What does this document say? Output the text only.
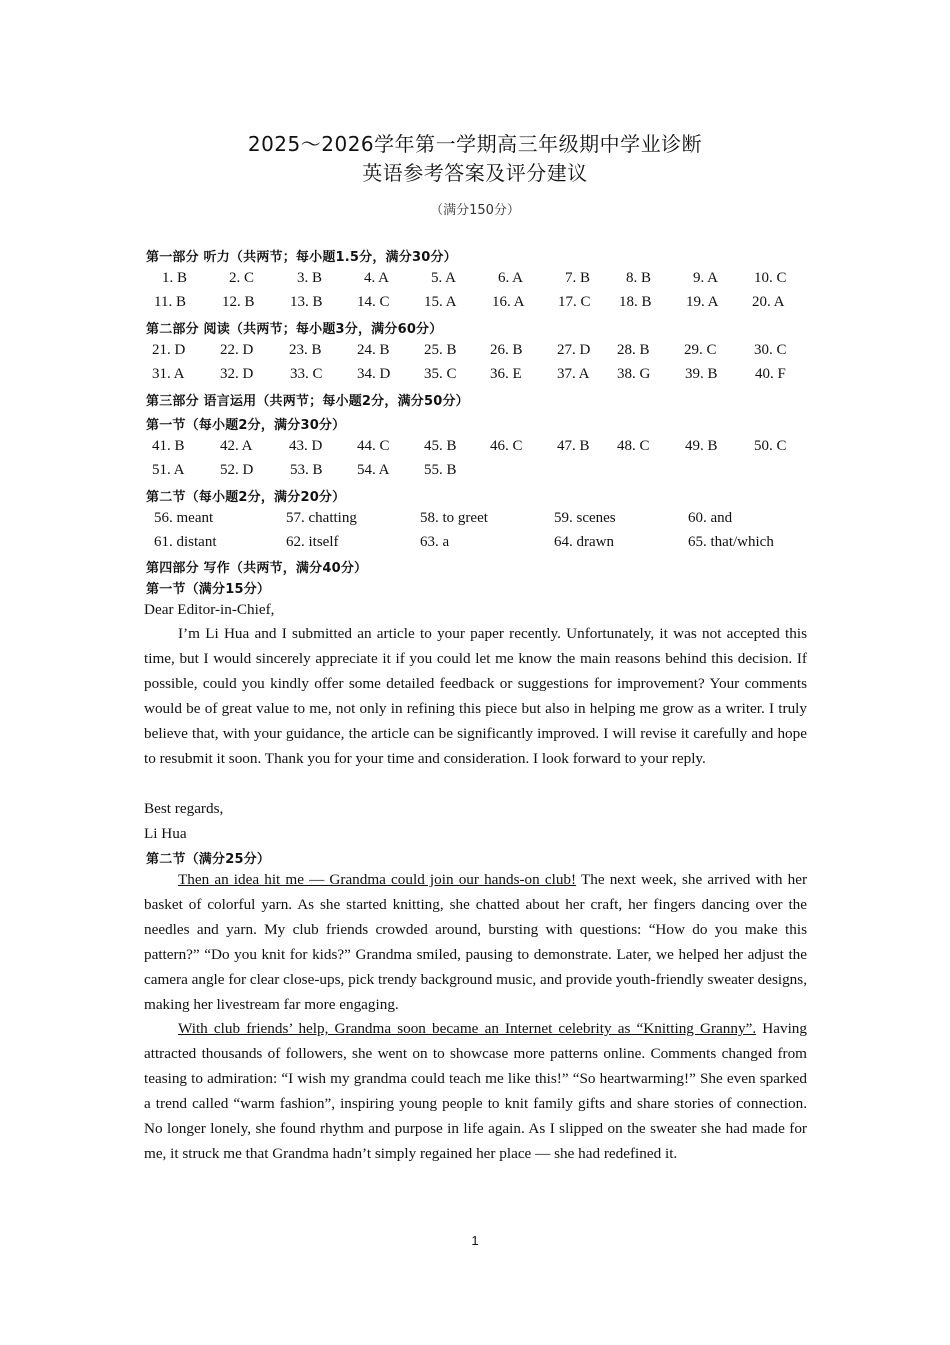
2025～2026学年第一学期高三年级期中学业诊断
英语参考答案及评分建议
（满分150分）
第一部分 听力（共两节；每小题1.5分，满分30分）
1. B	2. C	3. B	4. A	5. A	6. A	7. B 8. B	9. A 10. C
11. B 12. B 13. B 14. C 15. A 16. A 17. C 18. B 19. A 20. A
第二部分 阅读（共两节；每小题3分，满分60分）
21. D 22. D 23. B 24. B 25. B 26. B 27. D 28. B 29. C 30. C
31. A 32. D 33. C 34. D 35. C 36. E 37. A 38. G 39. B 40. F
第三部分 语言运用（共两节；每小题2分，满分50分）
第一节（每小题2分，满分30分）
41. B 42. A 43. D 44. C 45. B 46. C 47. B 48. C 49. B 50. C
51. A 52. D 53. B 54. A 55. B
第二节（每小题2分，满分20分）
56. meant	57. chatting	58. to greet	59. scenes	60. and
61. distant	62. itself	63. a	64. drawn	65. that/which
第四部分 写作（共两节，满分40分）
第一节（满分15分）
Dear Editor-in-Chief,

I’m Li Hua and I submitted an article to your paper recently. Unfortunately, it was not accepted this time, but I would sincerely appreciate it if you could let me know the main reasons behind this decision. If possible, could you kindly offer some detailed feedback or suggestions for improvement? Your comments would be of great value to me, not only in refining this piece but also in helping me grow as a writer. I truly believe that, with your guidance, the article can be significantly improved. I will revise it carefully and hope to resubmit it soon. Thank you for your time and consideration. I look forward to your reply.

Best regards,
Li Hua
第二节（满分25分）

Then an idea hit me — Grandma could join our hands-on club! The next week, she arrived with her basket of colorful yarn. As she started knitting, she chatted about her craft, her fingers dancing over the needles and yarn. My club friends crowded around, bursting with questions: “How do you make this pattern?” “Do you knit for kids?” Grandma smiled, pausing to demonstrate. Later, we helped her adjust the camera angle for clear close-ups, pick trendy background music, and provide youth-friendly sweater designs, making her livestream far more engaging.

With club friends’ help, Grandma soon became an Internet celebrity as “Knitting Granny”. Having attracted thousands of followers, she went on to showcase more patterns online. Comments changed from teasing to admiration: “I wish my grandma could teach me like this!” “So heartwarming!” She even sparked a trend called “warm fashion”, inspiring young people to knit family gifts and share stories of connection. No longer lonely, she found rhythm and purpose in life again. As I slipped on the sweater she had made for me, it struck me that Grandma hadn’t simply regained her place — she had redefined it.

1
